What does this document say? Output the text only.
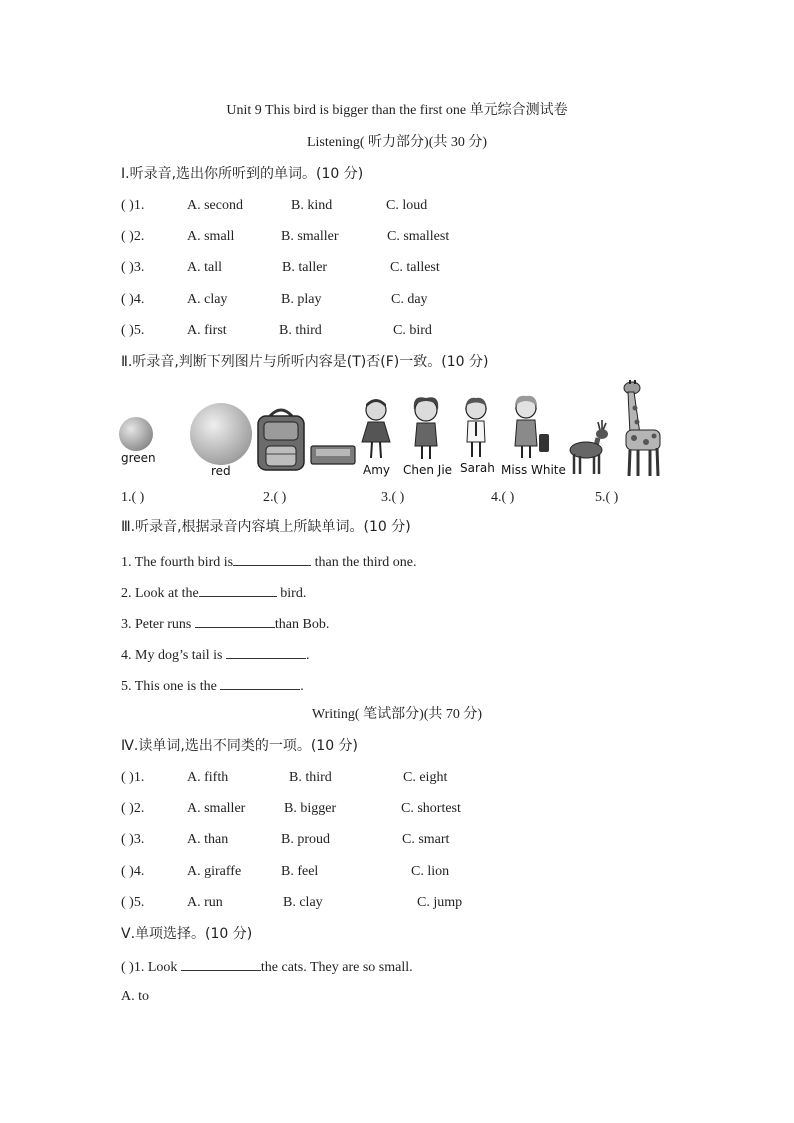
Unit 9 This bird is bigger than the first one 单元综合测试卷
Listening( 听力部分)(共 30 分)
Ⅰ.听录音,选出你所听到的单词。(10 分)
( )1.	A. second	B. kind	C. loud
( )2.	A. small	B. smaller	C. smallest
( )3.	A. tall	B. taller	C. tallest
( )4.	A. clay	B. play	C. day
( )5.	A. first	B. third	C. bird
Ⅱ.听录音,判断下列图片与所听内容是(T)否(F)一致。(10 分)
green
red	Amy Chen Jie Sarah Miss White
1.( )	2.( )	3.( )	4.( )	5.( )
Ⅲ.听录音,根据录音内容填上所缺单词。(10 分)
1. The fourth bird is	than the third one.
2. Look at the	bird.
3. Peter runs	than Bob.
4. My dog’s tail is	.
5. This one is the	.
Writing( 笔试部分)(共 70 分)
Ⅳ.读单词,选出不同类的一项。(10 分)
( )1.	A. fifth	B. third	C. eight
( )2.	A. smaller	B. bigger	C. shortest
( )3.	A. than	B. proud	C. smart
( )4.	A. giraffe	B. feel	C. lion
( )5.	A. run	B. clay	C. jump
Ⅴ.单项选择。(10 分)
( )1. Look	the cats. They are so small.
A. to
